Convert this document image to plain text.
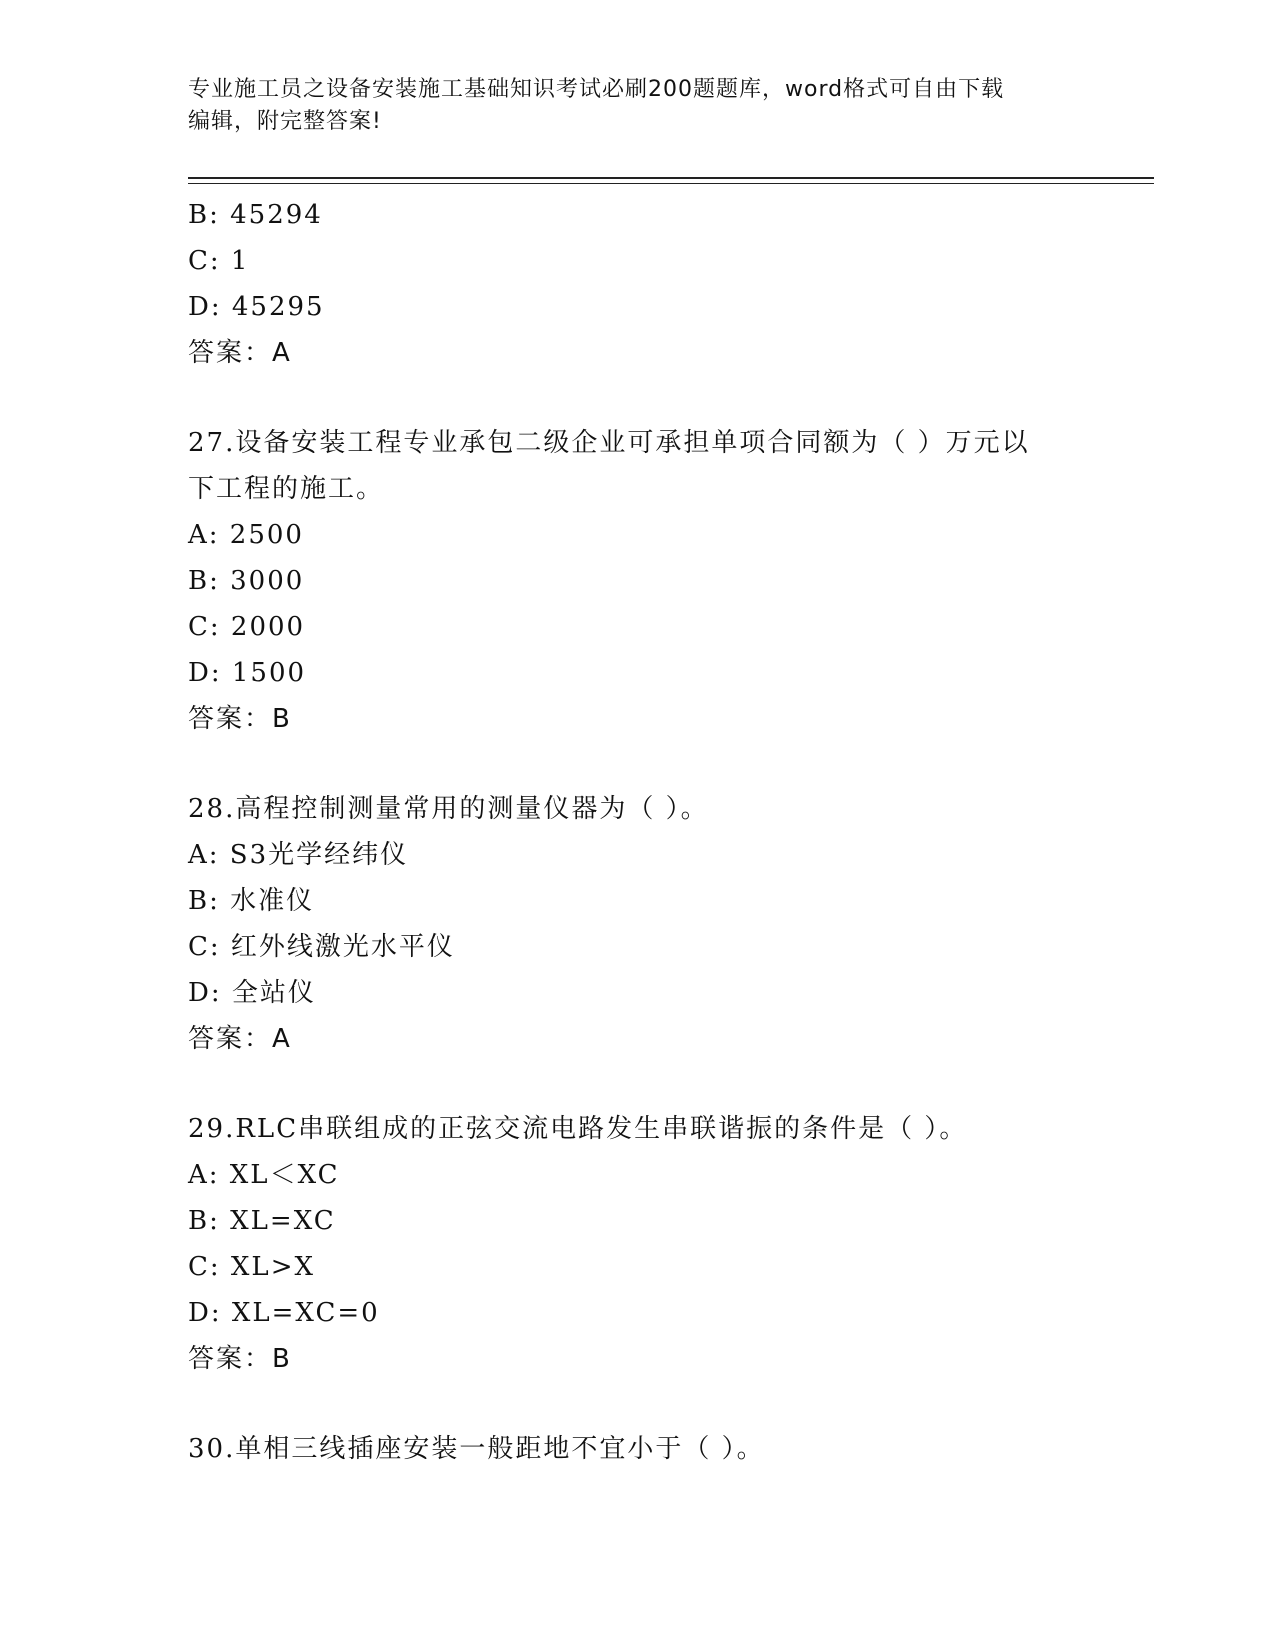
专业施工员之设备安装施工基础知识考试必刷200题题库，word格式可自由下载
编辑，附完整答案!
B: 45294
C: 1
D: 45295
答案：A
27.设备安装工程专业承包二级企业可承担单项合同额为（ ）万元以
下工程的施工。
A: 2500
B: 3000
C: 2000
D: 1500
答案：B
28.高程控制测量常用的测量仪器为（ ）。
A: S3光学经纬仪
B: 水准仪
C: 红外线激光水平仪
D: 全站仪
答案：A
29.RLC串联组成的正弦交流电路发生串联谐振的条件是（ ）。
A: XL＜XC
B: XL=XC
C: XL>X
D: XL=XC=0
答案：B
30.单相三线插座安装一般距地不宜小于（ ）。
